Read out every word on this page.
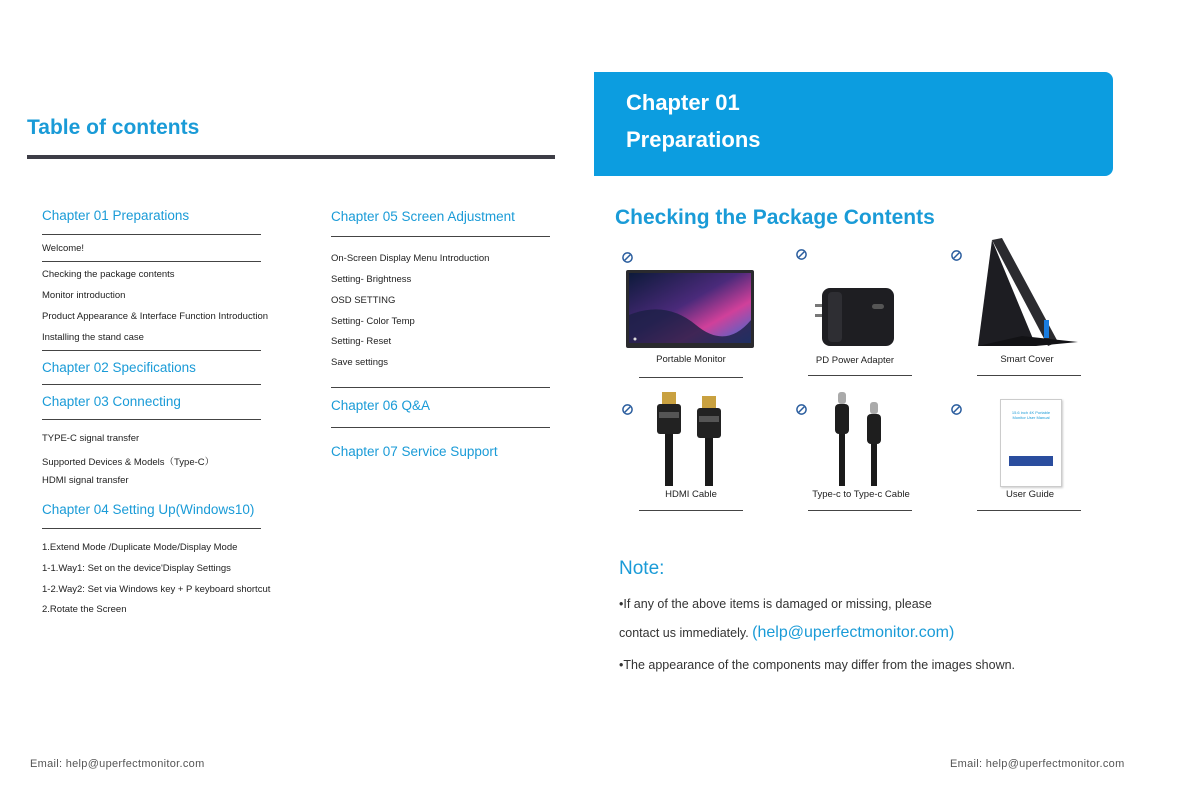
Table of contents
Chapter 01 Preparations
Welcome!
Checking the package contents
Monitor introduction
Product Appearance & Interface Function Introduction
Installing the stand case
Chapter 02 Specifications
Chapter 03 Connecting
TYPE-C signal transfer
Supported Devices & Models（Type-C）
HDMI signal transfer
Chapter 04 Setting Up(Windows10)
1.Extend Mode /Duplicate Mode/Display Mode
1-1.Way1: Set on the device'Display Settings
1-2.Way2: Set via Windows key + P keyboard shortcut
2.Rotate the Screen
Chapter 05 Screen Adjustment
On-Screen Display Menu Introduction
Setting- Brightness
OSD SETTING
Setting- Color Temp
Setting- Reset
Save settings
Chapter 06 Q&A
Chapter 07 Service Support
Chapter 01
Preparations
Checking the Package Contents
15.6 inch 4K Portable Monitor User Manual
Portable Monitor	PD Power Adapter	Smart Cover
HDMI Cable	Type-c to Type-c Cable	User Guide
Note:
•If any of the above items is damaged or missing, please
contact us immediately. (help@uperfectmonitor.com)
•The appearance of the components may differ from the images shown.
Email: help@uperfectmonitor.com	Email: help@uperfectmonitor.com
